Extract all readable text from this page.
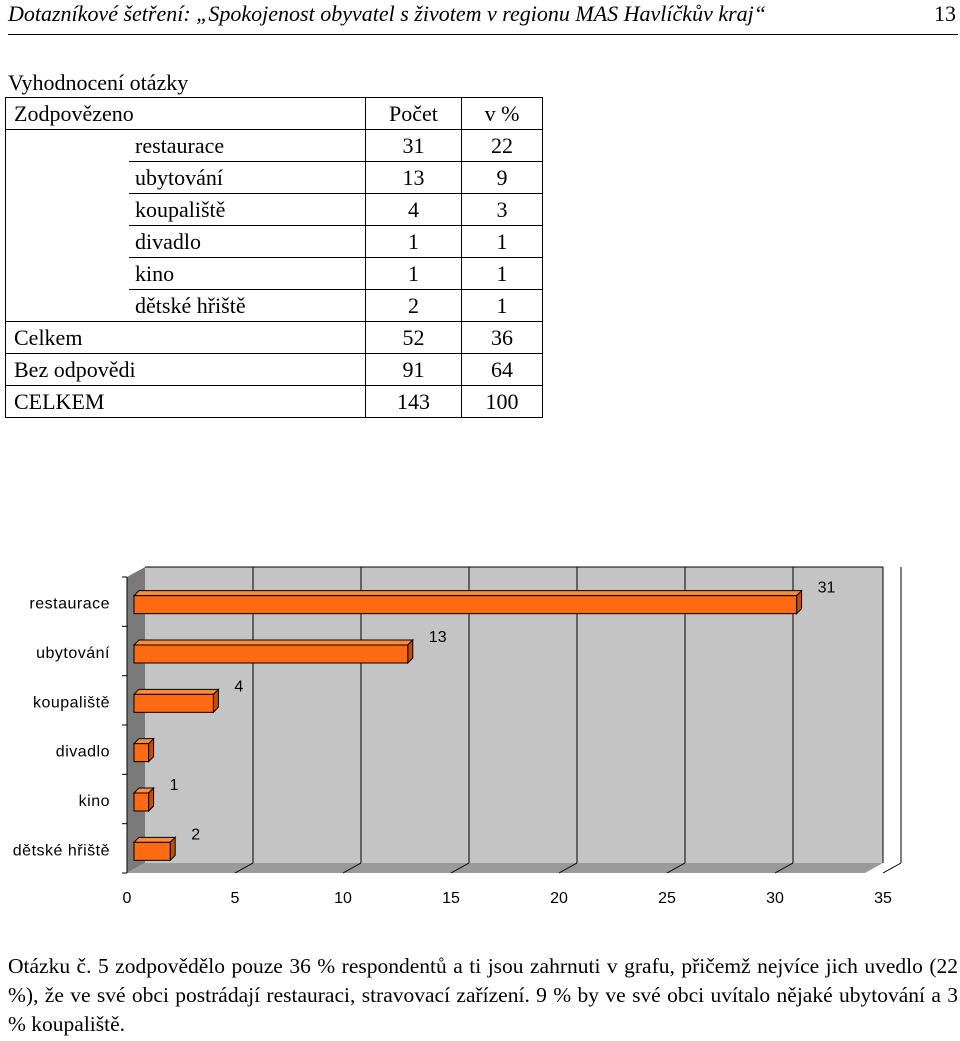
Dotazníkové šetření: „Spokojenost obyvatel s životem v regionu MAS Havlíčkův kraj“	13
Vyhodnocení otázky
Zodpovězeno		Počet	v %
	restaurace	31	22
	ubytování	13	9
	koupaliště	4	3
	divadlo	1	1
	kino	1	1
	dětské hřiště	2	1
Celkem		52	36
Bez odpovědi		91	64
CELKEM		143	100
restaurace
31
ubytování
13
koupaliště
4
divadlo
kino
1
dětské hřiště
2
0	5	10	15	20	25	30	35
Otázku č. 5 zodpovědělo pouze 36 % respondentů a ti jsou zahrnuti v grafu, přičemž nejvíce jich uvedlo (22 %), že ve své obci postrádají restauraci, stravovací zařízení. 9 % by ve své obci uvítalo nějaké ubytování a 3 % koupaliště.
